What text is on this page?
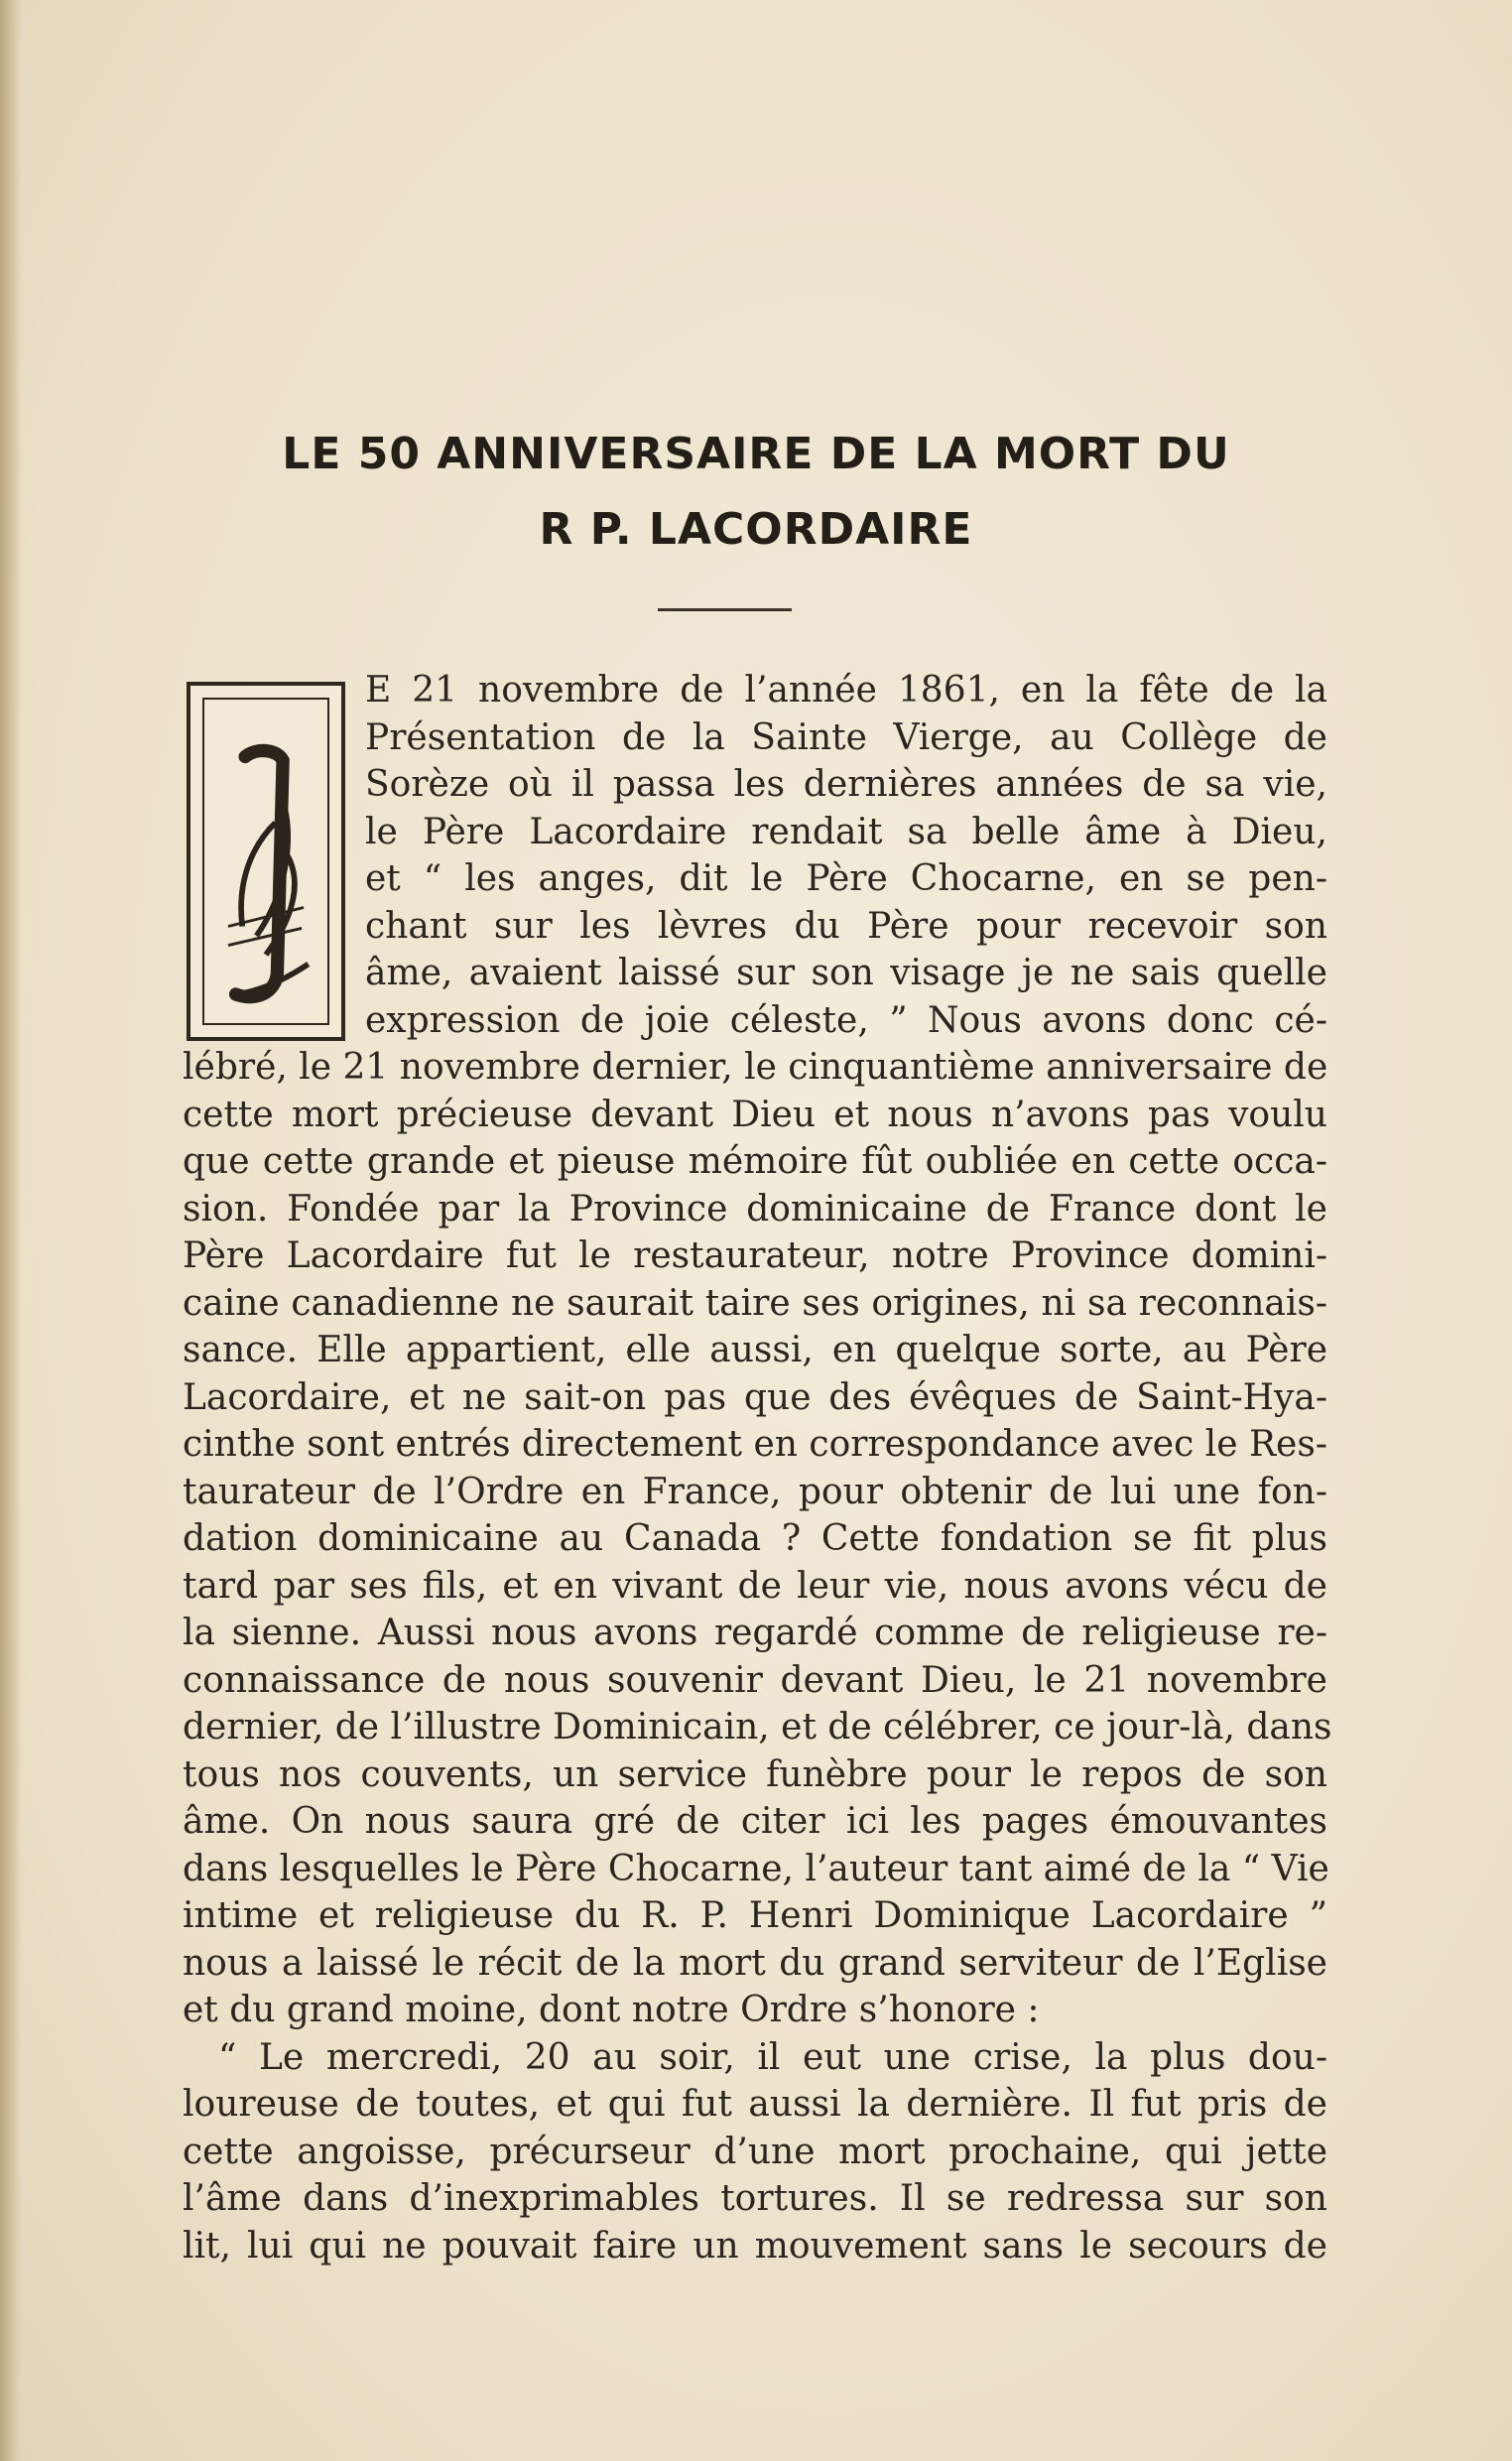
LE 50 ANNIVERSAIRE DE LA MORT DU
R P. LACORDAIRE
E 21 novembre de l’année 1861, en la fête de la
Présentation de la Sainte Vierge, au Collège de
Sorèze où il passa les dernières années de sa vie,
le Père Lacordaire rendait sa belle âme à Dieu,
et “ les anges, dit le Père Chocarne, en se pen-
chant sur les lèvres du Père pour recevoir son
âme, avaient laissé sur son visage je ne sais quelle
expression de joie céleste, ” Nous avons donc cé-
lébré, le 21 novembre dernier, le cinquantième anniversaire de
cette mort précieuse devant Dieu et nous n’avons pas voulu
que cette grande et pieuse mémoire fût oubliée en cette occa-
sion. Fondée par la Province dominicaine de France dont le
Père Lacordaire fut le restaurateur, notre Province domini-
caine canadienne ne saurait taire ses origines, ni sa reconnais-
sance. Elle appartient, elle aussi, en quelque sorte, au Père
Lacordaire, et ne sait-on pas que des évêques de Saint-Hya-
cinthe sont entrés directement en correspondance avec le Res-
taurateur de l’Ordre en France, pour obtenir de lui une fon-
dation dominicaine au Canada ? Cette fondation se fit plus
tard par ses fils, et en vivant de leur vie, nous avons vécu de
la sienne. Aussi nous avons regardé comme de religieuse re-
connaissance de nous souvenir devant Dieu, le 21 novembre
dernier, de l’illustre Dominicain, et de célébrer, ce jour-là, dans
tous nos couvents, un service funèbre pour le repos de son
âme. On nous saura gré de citer ici les pages émouvantes
dans lesquelles le Père Chocarne, l’auteur tant aimé de la “ Vie
intime et religieuse du R. P. Henri Dominique Lacordaire ”
nous a laissé le récit de la mort du grand serviteur de l’Eglise
et du grand moine, dont notre Ordre s’honore :
“ Le mercredi, 20 au soir, il eut une crise, la plus dou-
loureuse de toutes, et qui fut aussi la dernière. Il fut pris de
cette angoisse, précurseur d’une mort prochaine, qui jette
l’âme dans d’inexprimables tortures. Il se redressa sur son
lit, lui qui ne pouvait faire un mouvement sans le secours de
